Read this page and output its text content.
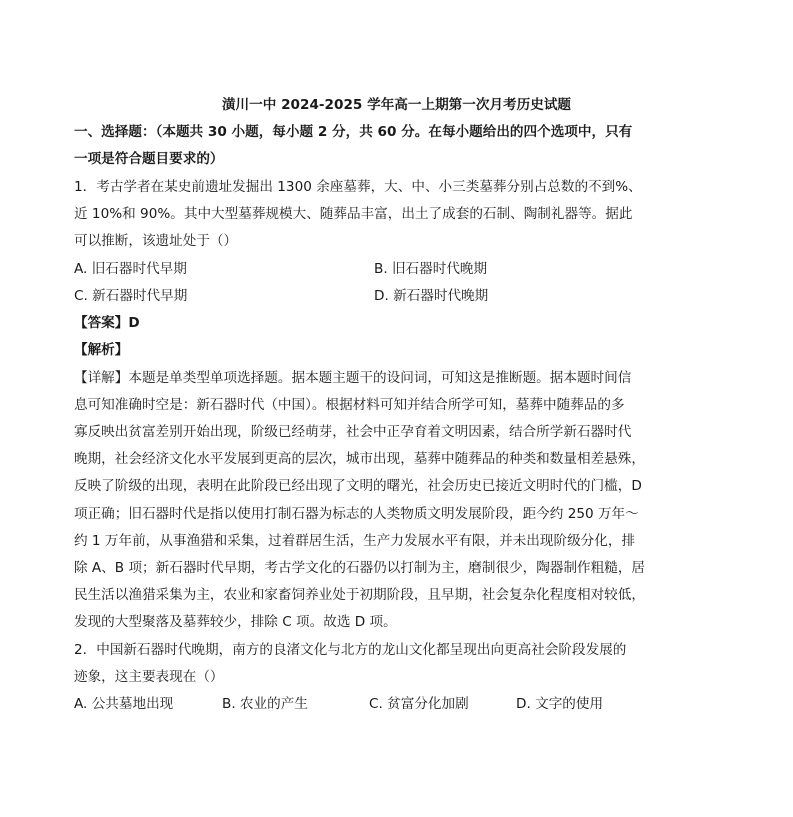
潢川一中 2024-2025 学年高一上期第一次月考历史试题
一、选择题：（本题共 30 小题，每小题 2 分，共 60 分。在每小题给出的四个选项中，只有
一项是符合题目要求的）
1．考古学者在某史前遗址发掘出 1300 余座墓葬，大、中、小三类墓葬分别占总数的不到%、
近 10%和 90%。其中大型墓葬规模大、随葬品丰富，出土了成套的石制、陶制礼器等。据此
可以推断，该遗址处于（）
A. 旧石器时代早期	B. 旧石器时代晚期
C. 新石器时代早期	D. 新石器时代晚期
【答案】D
【解析】
【详解】本题是单类型单项选择题。据本题主题干的设问词，可知这是推断题。据本题时间信
息可知准确时空是：新石器时代（中国）。根据材料可知并结合所学可知，墓葬中随葬品的多
寡反映出贫富差别开始出现，阶级已经萌芽，社会中正孕育着文明因素，结合所学新石器时代
晚期，社会经济文化水平发展到更高的层次，城市出现，墓葬中随葬品的种类和数量相差悬殊，
反映了阶级的出现，表明在此阶段已经出现了文明的曙光，社会历史已接近文明时代的门槛，D
项正确；旧石器时代是指以使用打制石器为标志的人类物质文明发展阶段，距今约 250 万年～
约 1 万年前，从事渔猎和采集，过着群居生活，生产力发展水平有限，并未出现阶级分化，排
除 A、B 项；新石器时代早期，考古学文化的石器仍以打制为主，磨制很少，陶器制作粗糙，居
民生活以渔猎采集为主，农业和家畜饲养业处于初期阶段，且早期，社会复杂化程度相对较低，
发现的大型聚落及墓葬较少，排除 C 项。故选 D 项。
2．中国新石器时代晚期，南方的良渚文化与北方的龙山文化都呈现出向更高社会阶段发展的
迹象，这主要表现在（）
A. 公共墓地出现	B. 农业的产生	C. 贫富分化加剧	D. 文字的使用
